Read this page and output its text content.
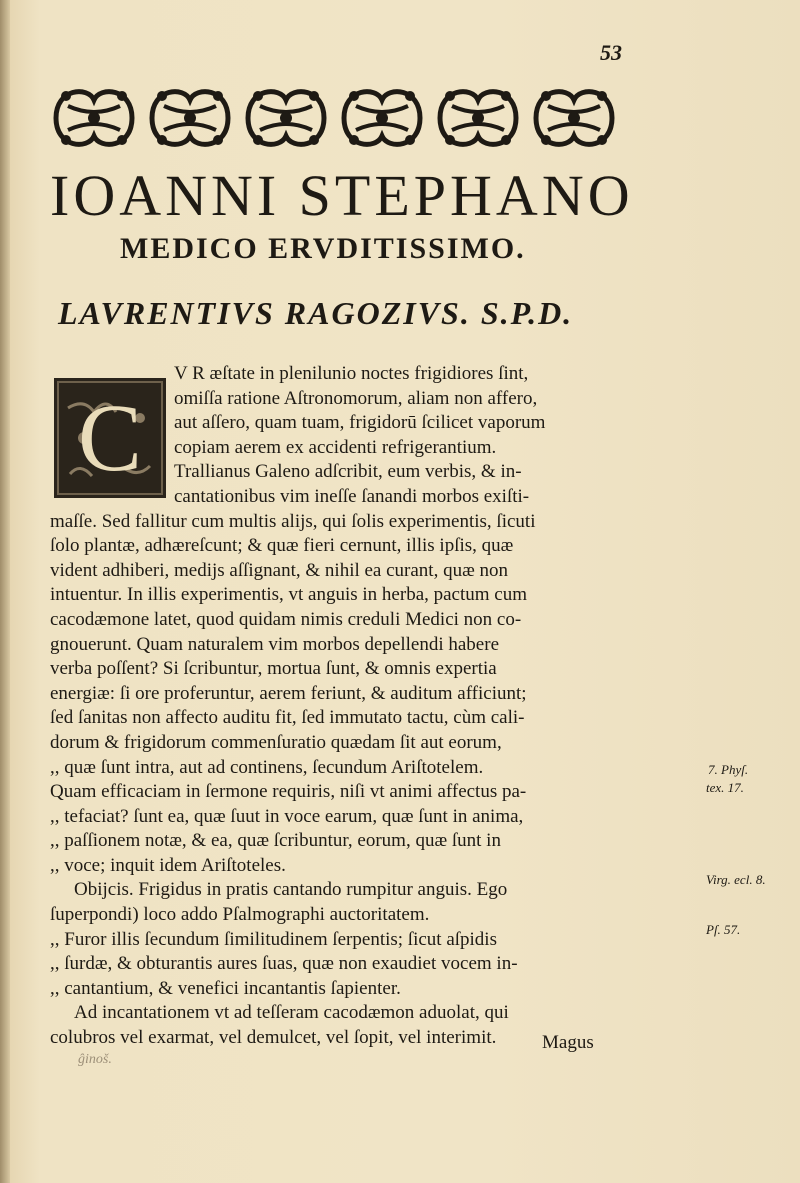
53
IOANNI STEPHANO
MEDICO ERVDITISSIMO.
LAVRENTIVS RAGOZIVS. S.P.D.
C
V R æſtate in plenilunio noctes frigidiores ſint,
omiſſa ratione Aſtronomorum, aliam non affero,
aut aſſero, quam tuam, frigidorū ſcilicet vaporum
copiam aerem ex accidenti refrigerantium.
Trallianus Galeno adſcribit, eum verbis, & in-
cantationibus vim ineſſe ſanandi morbos exiſti-
maſſe. Sed fallitur cum multis alijs, qui ſolis experimentis, ſicuti
ſolo plantæ, adhæreſcunt; & quæ fieri cernunt, illis ipſis, quæ
vident adhiberi, medijs aſſignant, & nihil ea curant, quæ non
intuentur. In illis experimentis, vt anguis in herba, pactum cum
cacodæmone latet, quod quidam nimis creduli Medici non co-
gnouerunt. Quam naturalem vim morbos depellendi habere
verba poſſent? Si ſcribuntur, mortua ſunt, & omnis expertia
energiæ: ſi ore proferuntur, aerem feriunt, & auditum afficiunt;
ſed ſanitas non affecto auditu fit, ſed immutato tactu, cùm cali-
dorum & frigidorum commenſuratio quædam ſit aut eorum,
,, quæ ſunt intra, aut ad continens, ſecundum Ariſtotelem.
Quam efficaciam in ſermone requiris, niſi vt animi affectus pa-
,, tefaciat? ſunt ea, quæ ſuut in voce earum, quæ ſunt in anima,
,, paſſionem notæ, & ea, quæ ſcribuntur, eorum, quæ ſunt in
,, voce; inquit idem Ariſtoteles.
Obijcis. Frigidus in pratis cantando rumpitur anguis. Ego
ſuperpondi) loco addo Pſalmographi auctoritatem.
,, Furor illis ſecundum ſimilitudinem ſerpentis; ſicut aſpidis
,, ſurdæ, & obturantis aures ſuas, quæ non exaudiet vocem in-
,, cantantium, & venefici incantantis ſapienter.
Ad incantationem vt ad teſſeram cacodæmon aduolat, qui
colubros vel exarmat, vel demulcet, vel ſopit, vel interimit.
7. Phyſ.
tex. 17.
Virg. ecl. 8.
Pſ. 57.
Magus
ĝinoš.
